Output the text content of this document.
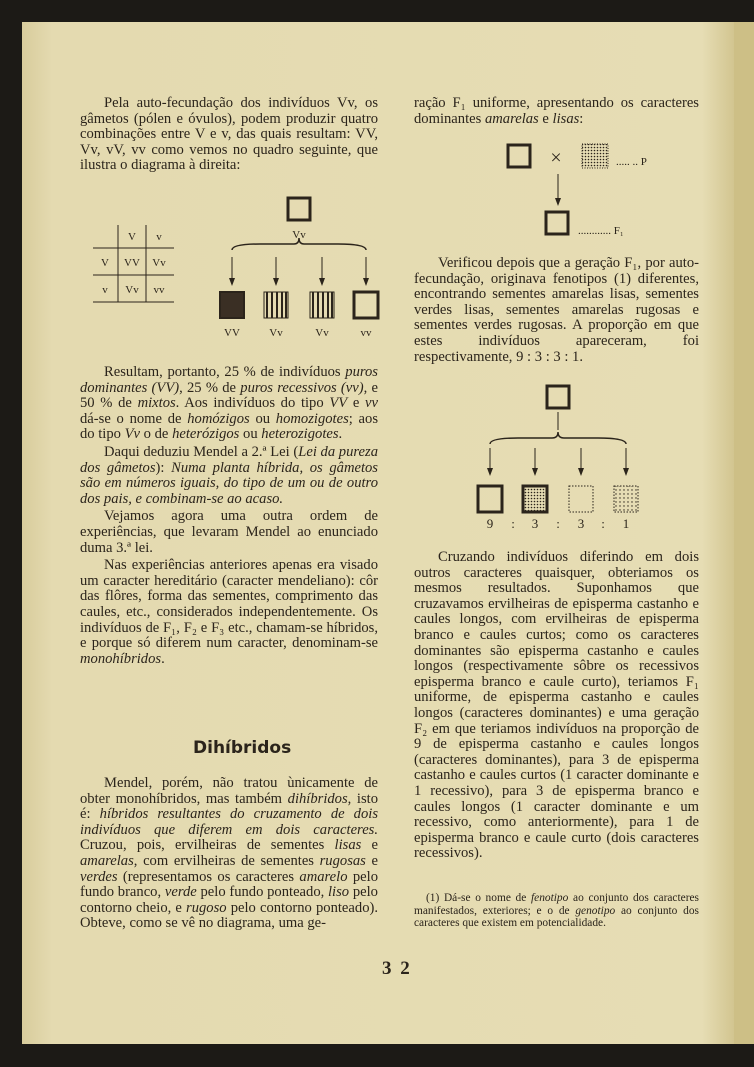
Pela auto-fecundação dos indivíduos Vv, os gâmetos (pólen e óvulos), podem produzir quatro combinações entre V e v, das quais resultam: VV, Vv, vV, vv como vemos no quadro seguinte, que ilustra o diagrama à direita:

V v
V VV Vv
v Vv vv
Vv
VV	Vv	Vv	vv

Resultam, portanto, 25 % de indivíduos puros dominantes (VV), 25 % de puros recessivos (vv), e 50 % de mixtos. Aos indivíduos do tipo VV e vv dá-se o nome de homózigos ou homozigotes; aos do tipo Vv o de heterózigos ou heterozigotes.

Daqui deduziu Mendel a 2.ª Lei (Lei da pureza dos gâmetos): Numa planta híbrida, os gâmetos são em números iguais, do tipo de um ou de outro dos pais, e combinam-se ao acaso.

Vejamos agora uma outra ordem de experiências, que levaram Mendel ao enunciado duma 3.ª lei.

Nas experiências anteriores apenas era visado um caracter hereditário (caracter mendeliano): côr das flôres, forma das sementes, comprimento das caules, etc., considerados independentemente. Os indivíduos de F₁, F₂ e F₃ etc., chamam-se híbridos, e porque só diferem num caracter, denominam-se monohíbridos.

Dihíbridos

Mendel, porém, não tratou ùnicamente de obter monohíbridos, mas também dihíbridos, isto é: híbridos resultantes do cruzamento de dois indivíduos que diferem em dois caracteres. Cruzou, pois, ervilheiras de sementes lisas e amarelas, com ervilheiras de sementes rugosas e verdes (representamos os caracteres amarelo pelo fundo branco, verde pelo fundo ponteado, liso pelo contorno cheio, e rugoso pelo contorno ponteado). Obteve, como se vê no diagrama, uma ge-

ração F₁ uniforme, apresentando os caracteres dominantes amarelas e lisas:

×	..... .. P
............ F₁

Verificou depois que a geração F₁, por auto-fecundação, originava fenotipos (1) diferentes, encontrando sementes amarelas lisas, sementes verdes lisas, sementes amarelas rugosas e sementes verdes rugosas. A proporção em que estes indivíduos apareceram, foi respectivamente, 9 : 3 : 3 : 1.

9 : 3 : 3 : 1

Cruzando indivíduos diferindo em dois outros caracteres quaisquer, obteriamos os mesmos resultados. Suponhamos que cruzavamos ervilheiras de episperma castanho e caules longos, com ervilheiras de episperma branco e caules curtos; como os caracteres dominantes são episperma castanho e caules longos (respectivamente sôbre os recessivos episperma branco e caule curto), teriamos F₁ uniforme, de episperma castanho e caules longos (caracteres dominantes) e uma geração F₂ em que teriamos indivíduos na proporção de 9 de episperma castanho e caules longos (caracteres dominantes), para 3 de episperma castanho e caules curtos (1 caracter dominante e 1 recessivo), para 3 de episperma branco e caules longos (1 caracter dominante e um recessivo, como anteriormente), para 1 de episperma branco e caule curto (dois caracteres recessivos).

(1) Dá-se o nome de fenotipo ao conjunto dos caracteres manifestados, exteriores; e o de genotipo ao conjunto dos caracteres que existem em potencialidade.

3 2
